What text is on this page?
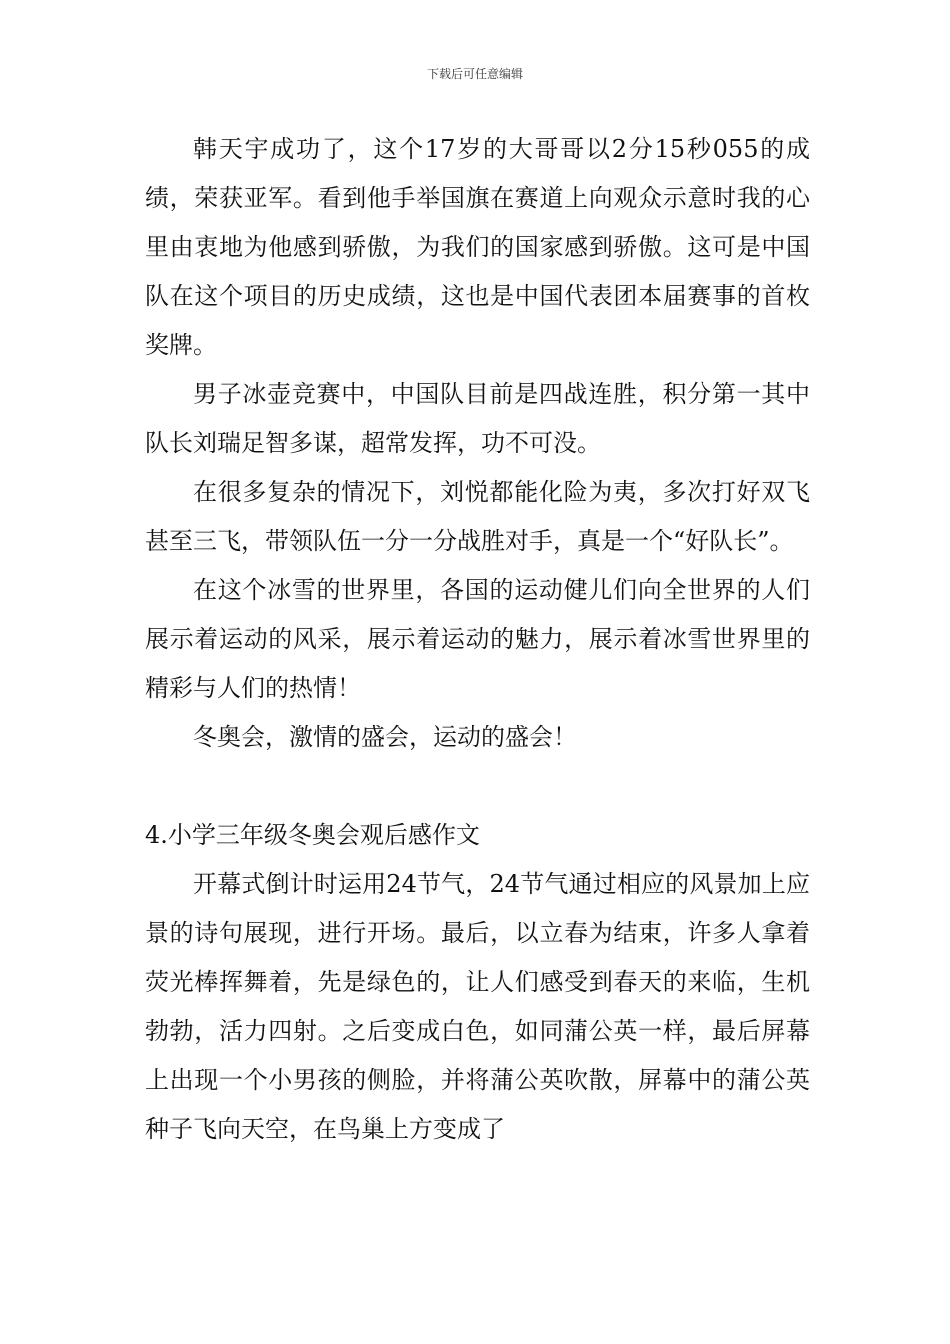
下载后可任意编辑

韩天宇成功了，这个17岁的大哥哥以2分15秒055的成绩，荣获亚军。看到他手举国旗在赛道上向观众示意时我的心里由衷地为他感到骄傲，为我们的国家感到骄傲。这可是中国队在这个项目的历史成绩，这也是中国代表团本届赛事的首枚奖牌。

男子冰壶竞赛中，中国队目前是四战连胜，积分第一其中队长刘瑞足智多谋，超常发挥，功不可没。

在很多复杂的情况下，刘悦都能化险为夷，多次打好双飞甚至三飞，带领队伍一分一分战胜对手，真是一个“好队长”。

在这个冰雪的世界里，各国的运动健儿们向全世界的人们展示着运动的风采，展示着运动的魅力，展示着冰雪世界里的精彩与人们的热情！

冬奥会，激情的盛会，运动的盛会！

4.小学三年级冬奥会观后感作文

开幕式倒计时运用24节气，24节气通过相应的风景加上应景的诗句展现，进行开场。最后，以立春为结束，许多人拿着荧光棒挥舞着，先是绿色的，让人们感受到春天的来临，生机勃勃，活力四射。之后变成白色，如同蒲公英一样，最后屏幕上出现一个小男孩的侧脸，并将蒲公英吹散，屏幕中的蒲公英种子飞向天空，在鸟巢上方变成了
